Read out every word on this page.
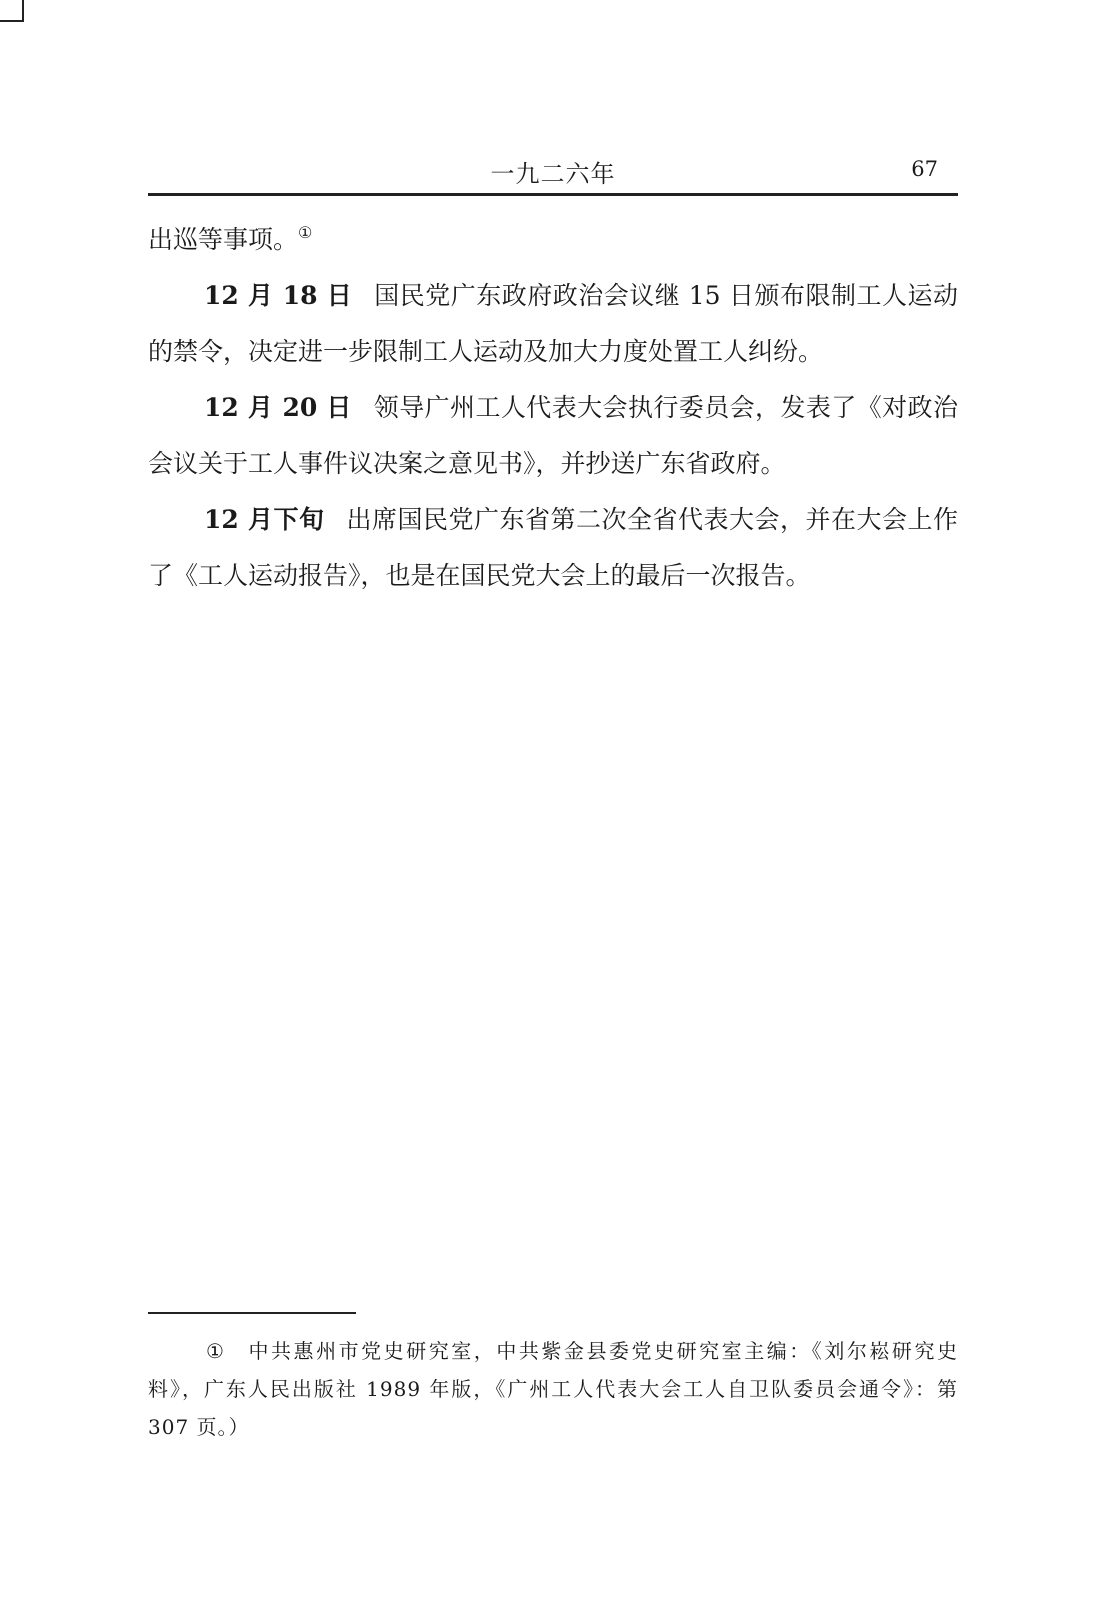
一九二六年	67

出巡等事项。①

12 月 18 日 国民党广东政府政治会议继 15 日颁布限制工人运动的禁令，决定进一步限制工人运动及加大力度处置工人纠纷。

12 月 20 日 领导广州工人代表大会执行委员会，发表了《对政治会议关于工人事件议决案之意见书》，并抄送广东省政府。

12 月下旬 出席国民党广东省第二次全省代表大会，并在大会上作了《工人运动报告》，也是在国民党大会上的最后一次报告。

① 中共惠州市党史研究室，中共紫金县委党史研究室主编：《刘尔崧研究史料》，广东人民出版社 1989 年版，《广州工人代表大会工人自卫队委员会通令》：第 307 页。）
